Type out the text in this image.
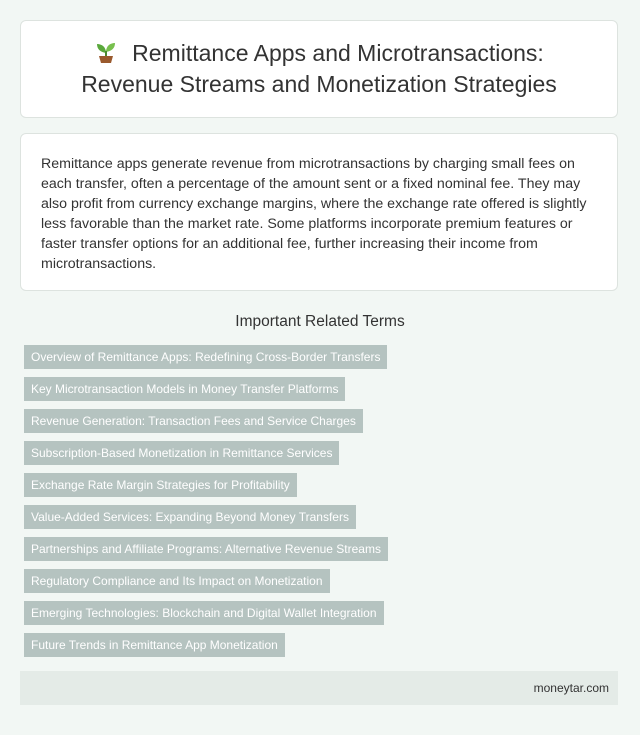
Remittance Apps and Microtransactions:
Revenue Streams and Monetization Strategies

Remittance apps generate revenue from microtransactions by charging small fees on each transfer, often a percentage of the amount sent or a fixed nominal fee. They may also profit from currency exchange margins, where the exchange rate offered is slightly less favorable than the market rate. Some platforms incorporate premium features or faster transfer options for an additional fee, further increasing their income from microtransactions.

Important Related Terms
Overview of Remittance Apps: Redefining Cross-Border Transfers
Key Microtransaction Models in Money Transfer Platforms
Revenue Generation: Transaction Fees and Service Charges
Subscription-Based Monetization in Remittance Services
Exchange Rate Margin Strategies for Profitability
Value-Added Services: Expanding Beyond Money Transfers
Partnerships and Affiliate Programs: Alternative Revenue Streams
Regulatory Compliance and Its Impact on Monetization
Emerging Technologies: Blockchain and Digital Wallet Integration
Future Trends in Remittance App Monetization
moneytar.com
